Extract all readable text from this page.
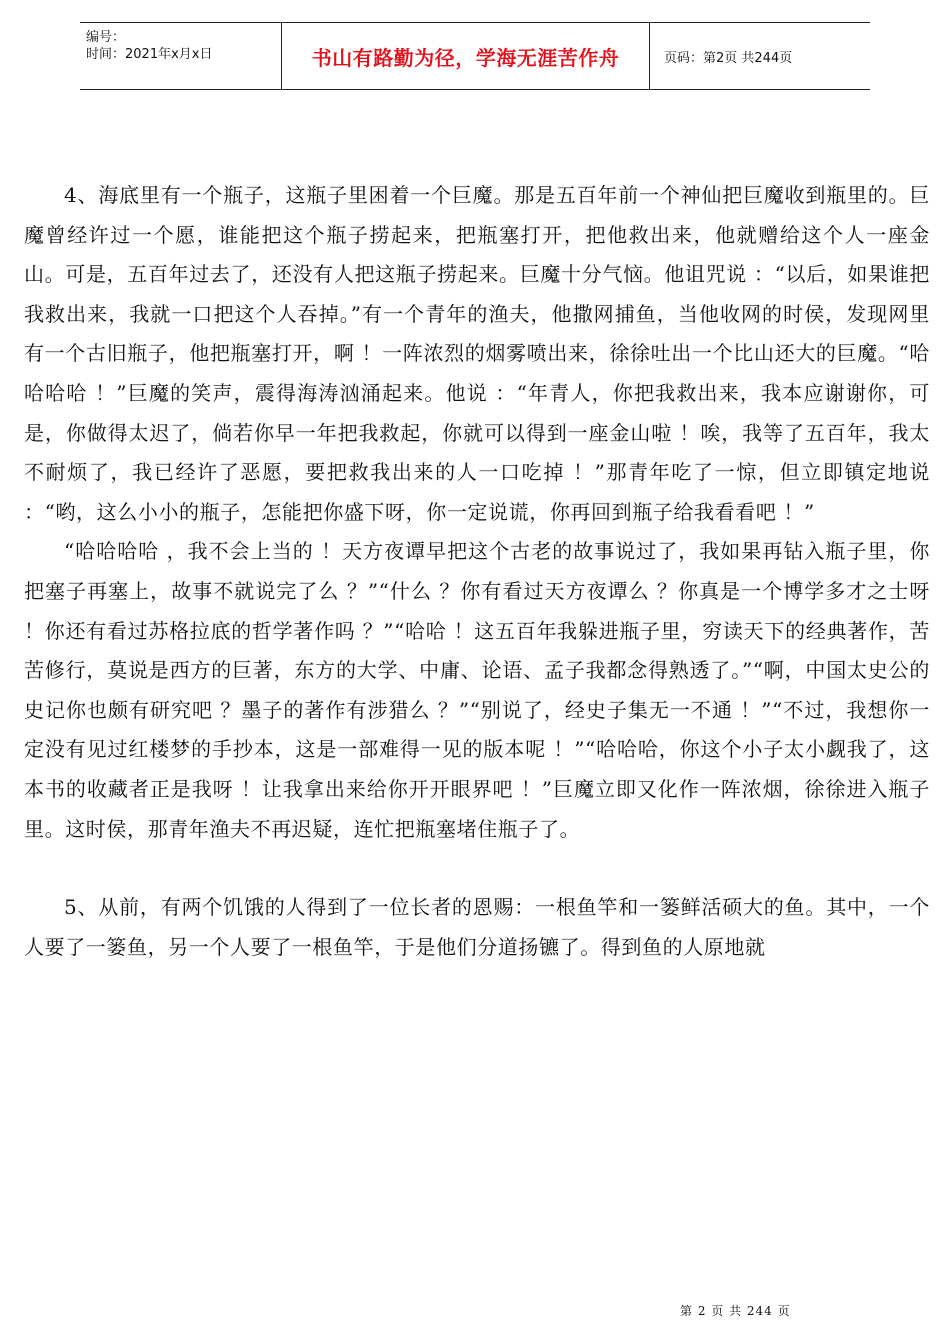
编号：
时间：2021年x月x日	书山有路勤为径，学海无涯苦作舟	页码：第2页 共244页

4、海底里有一个瓶子，这瓶子里困着一个巨魔。那是五百年前一个神仙把巨魔收到瓶里的。巨魔曾经许过一个愿，谁能把这个瓶子捞起来，把瓶塞打开，把他救出来，他就赠给这个人一座金山。可是，五百年过去了，还没有人把这瓶子捞起来。巨魔十分气恼。他诅咒说 ：“以后，如果谁把我救出来，我就一口把这个人吞掉。”有一个青年的渔夫，他撒网捕鱼，当他收网的时侯，发现网里有一个古旧瓶子，他把瓶塞打开，啊 ！一阵浓烈的烟雾喷出来，徐徐吐出一个比山还大的巨魔。“哈哈哈哈 ！”巨魔的笑声，震得海涛汹涌起来。他说 ：“年青人，你把我救出来，我本应谢谢你，可是，你做得太迟了，倘若你早一年把我救起，你就可以得到一座金山啦 ！唉，我等了五百年，我太不耐烦了，我已经许了恶愿，要把救我出来的人一口吃掉 ！”那青年吃了一惊，但立即镇定地说 ：“哟，这么小小的瓶子，怎能把你盛下呀，你一定说谎，你再回到瓶子给我看看吧 ！”

“哈哈哈哈 ，我不会上当的 ！天方夜谭早把这个古老的故事说过了，我如果再钻入瓶子里，你把塞子再塞上，故事不就说完了么 ？”“什么 ？你有看过天方夜谭么 ？你真是一个博学多才之士呀 ！你还有看过苏格拉底的哲学著作吗 ？”“哈哈 ！这五百年我躲进瓶子里，穷读天下的经典著作，苦苦修行，莫说是西方的巨著，东方的大学、中庸、论语、孟子我都念得熟透了。”“啊，中国太史公的史记你也颇有研究吧 ？墨子的著作有涉猎么 ？”“别说了，经史子集无一不通 ！”“不过，我想你一定没有见过红楼梦的手抄本，这是一部难得一见的版本呢 ！”“哈哈哈，你这个小子太小觑我了，这本书的收藏者正是我呀 ！让我拿出来给你开开眼界吧 ！”巨魔立即又化作一阵浓烟，徐徐进入瓶子里。这时侯，那青年渔夫不再迟疑，连忙把瓶塞堵住瓶子了。

5、从前，有两个饥饿的人得到了一位长者的恩赐：一根鱼竿和一篓鲜活硕大的鱼。其中，一个人要了一篓鱼，另一个人要了一根鱼竿，于是他们分道扬镳了。得到鱼的人原地就

第 2 页 共 244 页
